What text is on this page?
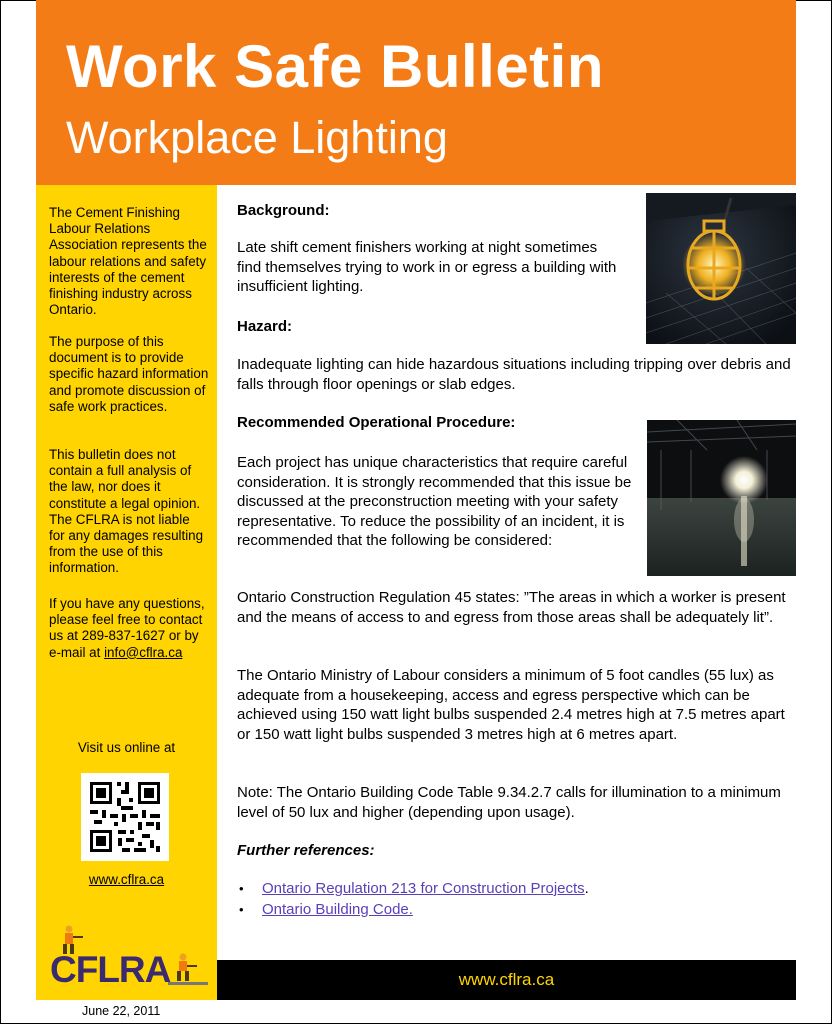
Work Safe Bulletin
Workplace Lighting

The Cement Finishing Labour Relations Association represents the labour relations and safety interests of the cement finishing industry across Ontario.

The purpose of this document is to provide specific hazard information and promote discussion of safe work practices.

This bulletin does not contain a full analysis of the law, nor does it constitute a legal opinion. The CFLRA is not liable for any damages resulting from the use of this information.

If you have any questions, please feel free to contact us at 289-837-1627 or by e-mail at info@cflra.ca

Visit us online at
www.cflra.ca
CFLRA
June 22, 2011
Background:

Late shift cement finishers working at night sometimes find themselves trying to work in or egress a building with insufficient lighting.

Hazard:

Inadequate lighting can hide hazardous situations including tripping over debris and falls through floor openings or slab edges.

Recommended Operational Procedure:

Each project has unique characteristics that require careful consideration. It is strongly recommended that this issue be discussed at the preconstruction meeting with your safety representative. To reduce the possibility of an incident, it is recommended that the following be considered:

Ontario Construction Regulation 45 states: ”The areas in which a worker is present and the means of access to and egress from those areas shall be adequately lit”.

The Ontario Ministry of Labour considers a minimum of 5 foot candles (55 lux) as adequate from a housekeeping, access and egress perspective which can be achieved using 150 watt light bulbs suspended 2.4 metres high at 7.5 metres apart or 150 watt light bulbs suspended 3 metres high at 6 metres apart.

Note: The Ontario Building Code Table 9.34.2.7 calls for illumination to a minimum level of 50 lux and higher (depending upon usage).

Further references:
• Ontario Regulation 213 for Construction Projects.
• Ontario Building Code.
www.cflra.ca
